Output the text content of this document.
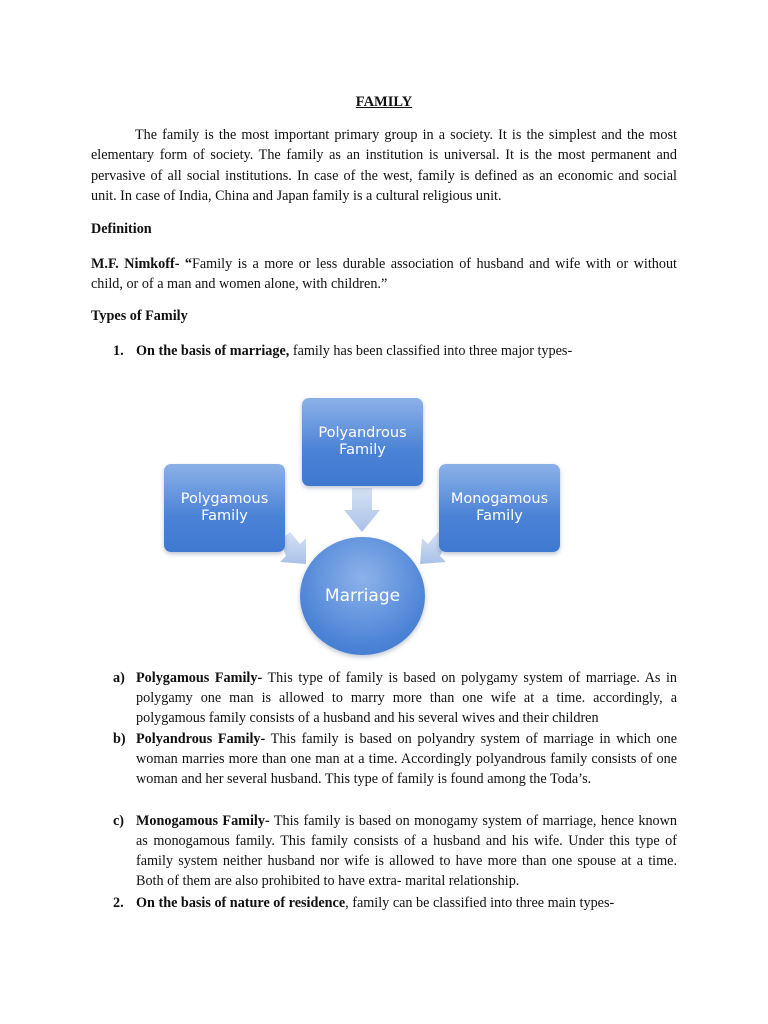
FAMILY

The family is the most important primary group in a society. It is the simplest and the most elementary form of society. The family as an institution is universal. It is the most permanent and pervasive of all social institutions. In case of the west, family is defined as an economic and social unit. In case of India, China and Japan family is a cultural religious unit.

Definition

M.F. Nimkoff- “Family is a more or less durable association of husband and wife with or without child, or of a man and women alone, with children.”

Types of Family

1. On the basis of marriage, family has been classified into three major types-

Polyandrous Family
Polygamous Family
Monogamous Family
Marriage

a) Polygamous Family- This type of family is based on polygamy system of marriage. As in polygamy one man is allowed to marry more than one wife at a time. accordingly, a polygamous family consists of a husband and his several wives and their children

b) Polyandrous Family- This family is based on polyandry system of marriage in which one woman marries more than one man at a time. Accordingly polyandrous family consists of one woman and her several husband. This type of family is found among the Toda’s.

c) Monogamous Family- This family is based on monogamy system of marriage, hence known as monogamous family. This family consists of a husband and his wife. Under this type of family system neither husband nor wife is allowed to have more than one spouse at a time. Both of them are also prohibited to have extra- marital relationship.

2. On the basis of nature of residence, family can be classified into three main types-
